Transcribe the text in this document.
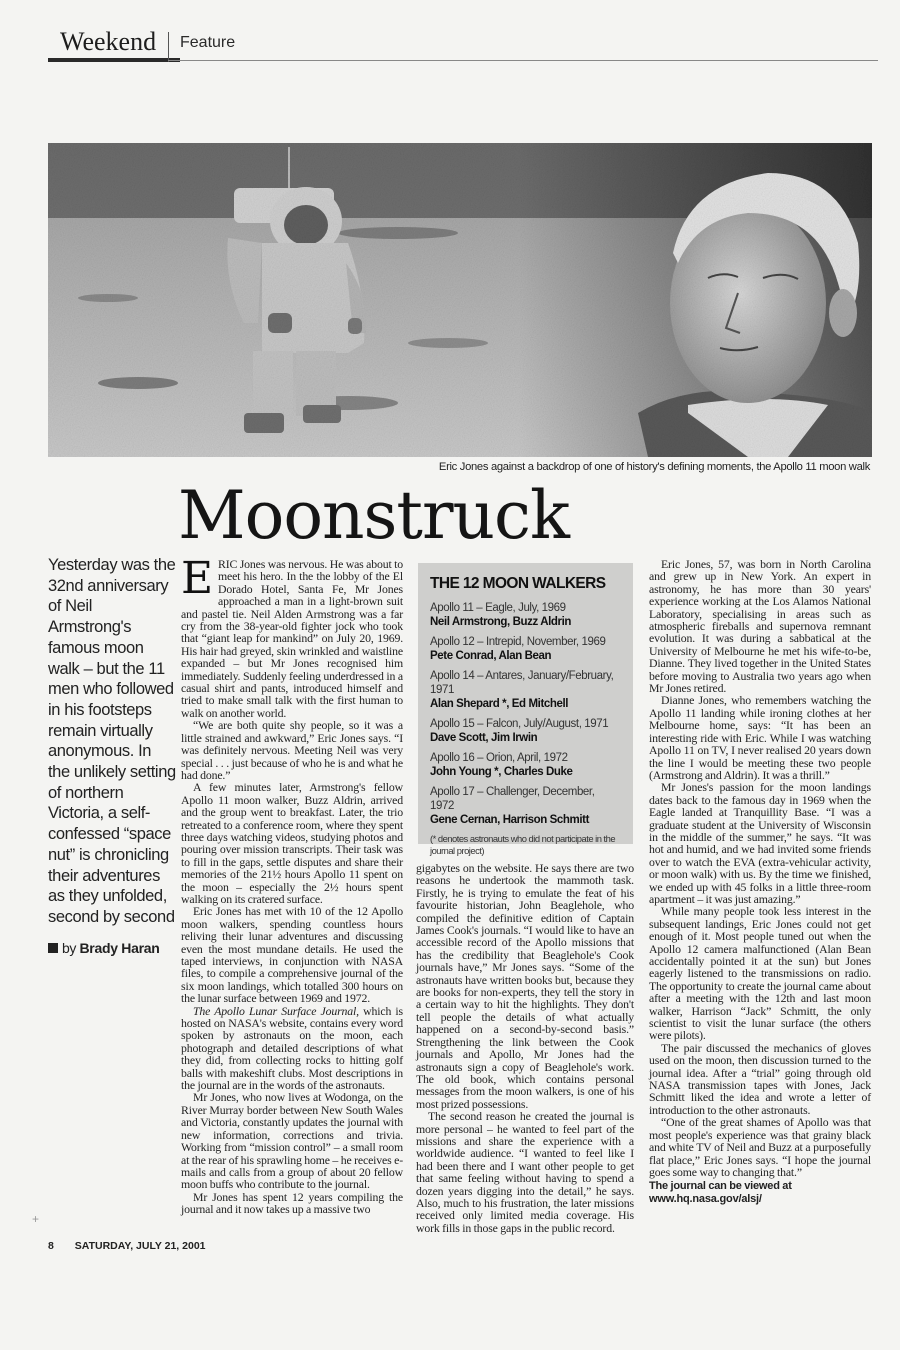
Weekend	Feature
Eric Jones against a backdrop of one of history's defining moments, the Apollo 11 moon walk
Moonstruck
Yesterday was the 32nd anniversary of Neil Armstrong's famous moon walk – but the 11 men who followed in his footsteps remain virtually anonymous. In the unlikely setting of northern Victoria, a self-confessed “space nut” is chronicling their adventures as they unfolded, second by second
by Brady Haran

ERIC Jones was nervous. He was about to meet his hero. In the the lobby of the El Dorado Hotel, Santa Fe, Mr Jones approached a man in a light-brown suit and pastel tie. Neil Alden Armstrong was a far cry from the 38-year-old fighter jock who took that “giant leap for mankind” on July 20, 1969. His hair had greyed, skin wrinkled and waistline expanded – but Mr Jones recognised him immediately. Suddenly feeling underdressed in a casual shirt and pants, introduced himself and tried to make small talk with the first human to walk on another world.

“We are both quite shy people, so it was a little strained and awkward,” Eric Jones says. “I was definitely nervous. Meeting Neil was very special . . . just because of who he is and what he had done.”

A few minutes later, Armstrong's fellow Apollo 11 moon walker, Buzz Aldrin, arrived and the group went to breakfast. Later, the trio retreated to a conference room, where they spent three days watching videos, studying photos and pouring over mission transcripts. Their task was to fill in the gaps, settle disputes and share their memories of the 21½ hours Apollo 11 spent on the moon – especially the 2½ hours spent walking on its cratered surface.

Eric Jones has met with 10 of the 12 Apollo moon walkers, spending countless hours reliving their lunar adventures and discussing even the most mundane details. He used the taped interviews, in conjunction with NASA files, to compile a comprehensive journal of the six moon landings, which totalled 300 hours on the lunar surface between 1969 and 1972.

The Apollo Lunar Surface Journal, which is hosted on NASA's website, contains every word spoken by astronauts on the moon, each photograph and detailed descriptions of what they did, from collecting rocks to hitting golf balls with makeshift clubs. Most descriptions in the journal are in the words of the astronauts.

Mr Jones, who now lives at Wodonga, on the River Murray border between New South Wales and Victoria, constantly updates the journal with new information, corrections and trivia. Working from “mission control” – a small room at the rear of his sprawling home – he receives e-mails and calls from a group of about 20 fellow moon buffs who contribute to the journal.

Mr Jones has spent 12 years compiling the journal and it now takes up a massive two

THE 12 MOON WALKERS
Apollo 11 – Eagle, July, 1969
Neil Armstrong, Buzz Aldrin
Apollo 12 – Intrepid, November, 1969
Pete Conrad, Alan Bean
Apollo 14 – Antares, January/February, 1971
Alan Shepard *, Ed Mitchell
Apollo 15 – Falcon, July/August, 1971
Dave Scott, Jim Irwin
Apollo 16 – Orion, April, 1972
John Young *, Charles Duke
Apollo 17 – Challenger, December, 1972
Gene Cernan, Harrison Schmitt
(* denotes astronauts who did not participate in the journal project)

gigabytes on the website. He says there are two reasons he undertook the mammoth task. Firstly, he is trying to emulate the feat of his favourite historian, John Beaglehole, who compiled the definitive edition of Captain James Cook's journals. “I would like to have an accessible record of the Apollo missions that has the credibility that Beaglehole's Cook journals have,” Mr Jones says. “Some of the astronauts have written books but, because they are books for non-experts, they tell the story in a certain way to hit the highlights. They don't tell people the details of what actually happened on a second-by-second basis.” Strengthening the link between the Cook journals and Apollo, Mr Jones had the astronauts sign a copy of Beaglehole's work. The old book, which contains personal messages from the moon walkers, is one of his most prized possessions.

The second reason he created the journal is more personal – he wanted to feel part of the missions and share the experience with a worldwide audience. “I wanted to feel like I had been there and I want other people to get that same feeling without having to spend a dozen years digging into the detail,” he says. Also, much to his frustration, the later missions received only limited media coverage. His work fills in those gaps in the public record.

Eric Jones, 57, was born in North Carolina and grew up in New York. An expert in astronomy, he has more than 30 years' experience working at the Los Alamos National Laboratory, specialising in areas such as atmospheric fireballs and supernova remnant evolution. It was during a sabbatical at the University of Melbourne he met his wife-to-be, Dianne. They lived together in the United States before moving to Australia two years ago when Mr Jones retired.

Dianne Jones, who remembers watching the Apollo 11 landing while ironing clothes at her Melbourne home, says: “It has been an interesting ride with Eric. While I was watching Apollo 11 on TV, I never realised 20 years down the line I would be meeting these two people (Armstrong and Aldrin). It was a thrill.”

Mr Jones's passion for the moon landings dates back to the famous day in 1969 when the Eagle landed at Tranquillity Base. “I was a graduate student at the University of Wisconsin in the middle of the summer,” he says. “It was hot and humid, and we had invited some friends over to watch the EVA (extra-vehicular activity, or moon walk) with us. By the time we finished, we ended up with 45 folks in a little three-room apartment – it was just amazing.”

While many people took less interest in the subsequent landings, Eric Jones could not get enough of it. Most people tuned out when the Apollo 12 camera malfunctioned (Alan Bean accidentally pointed it at the sun) but Jones eagerly listened to the transmissions on radio. The opportunity to create the journal came about after a meeting with the 12th and last moon walker, Harrison “Jack” Schmitt, the only scientist to visit the lunar surface (the others were pilots).

The pair discussed the mechanics of gloves used on the moon, then discussion turned to the journal idea. After a “trial” going through old NASA transmission tapes with Jones, Jack Schmitt liked the idea and wrote a letter of introduction to the other astronauts.

“One of the great shames of Apollo was that most people's experience was that grainy black and white TV of Neil and Buzz at a purposefully flat place,” Eric Jones says. “I hope the journal goes some way to changing that.”

The journal can be viewed at www.hq.nasa.gov/alsj/
+
8 SATURDAY, JULY 21, 2001
